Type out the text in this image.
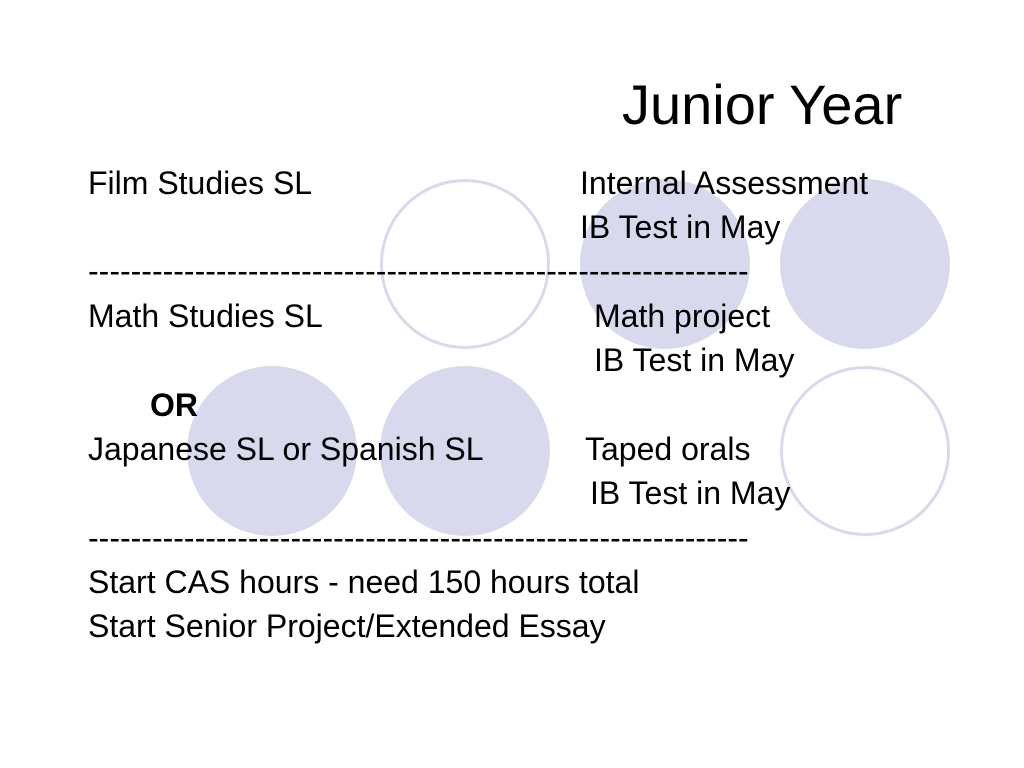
Junior Year
Film Studies SL	Internal Assessment
IB Test in May
--------------------------------------------------------------
Math Studies SL	Math project
IB Test in May
OR
Japanese SL or Spanish SL	Taped orals
IB Test in May
--------------------------------------------------------------
Start CAS hours - need 150 hours total
Start Senior Project/Extended Essay
